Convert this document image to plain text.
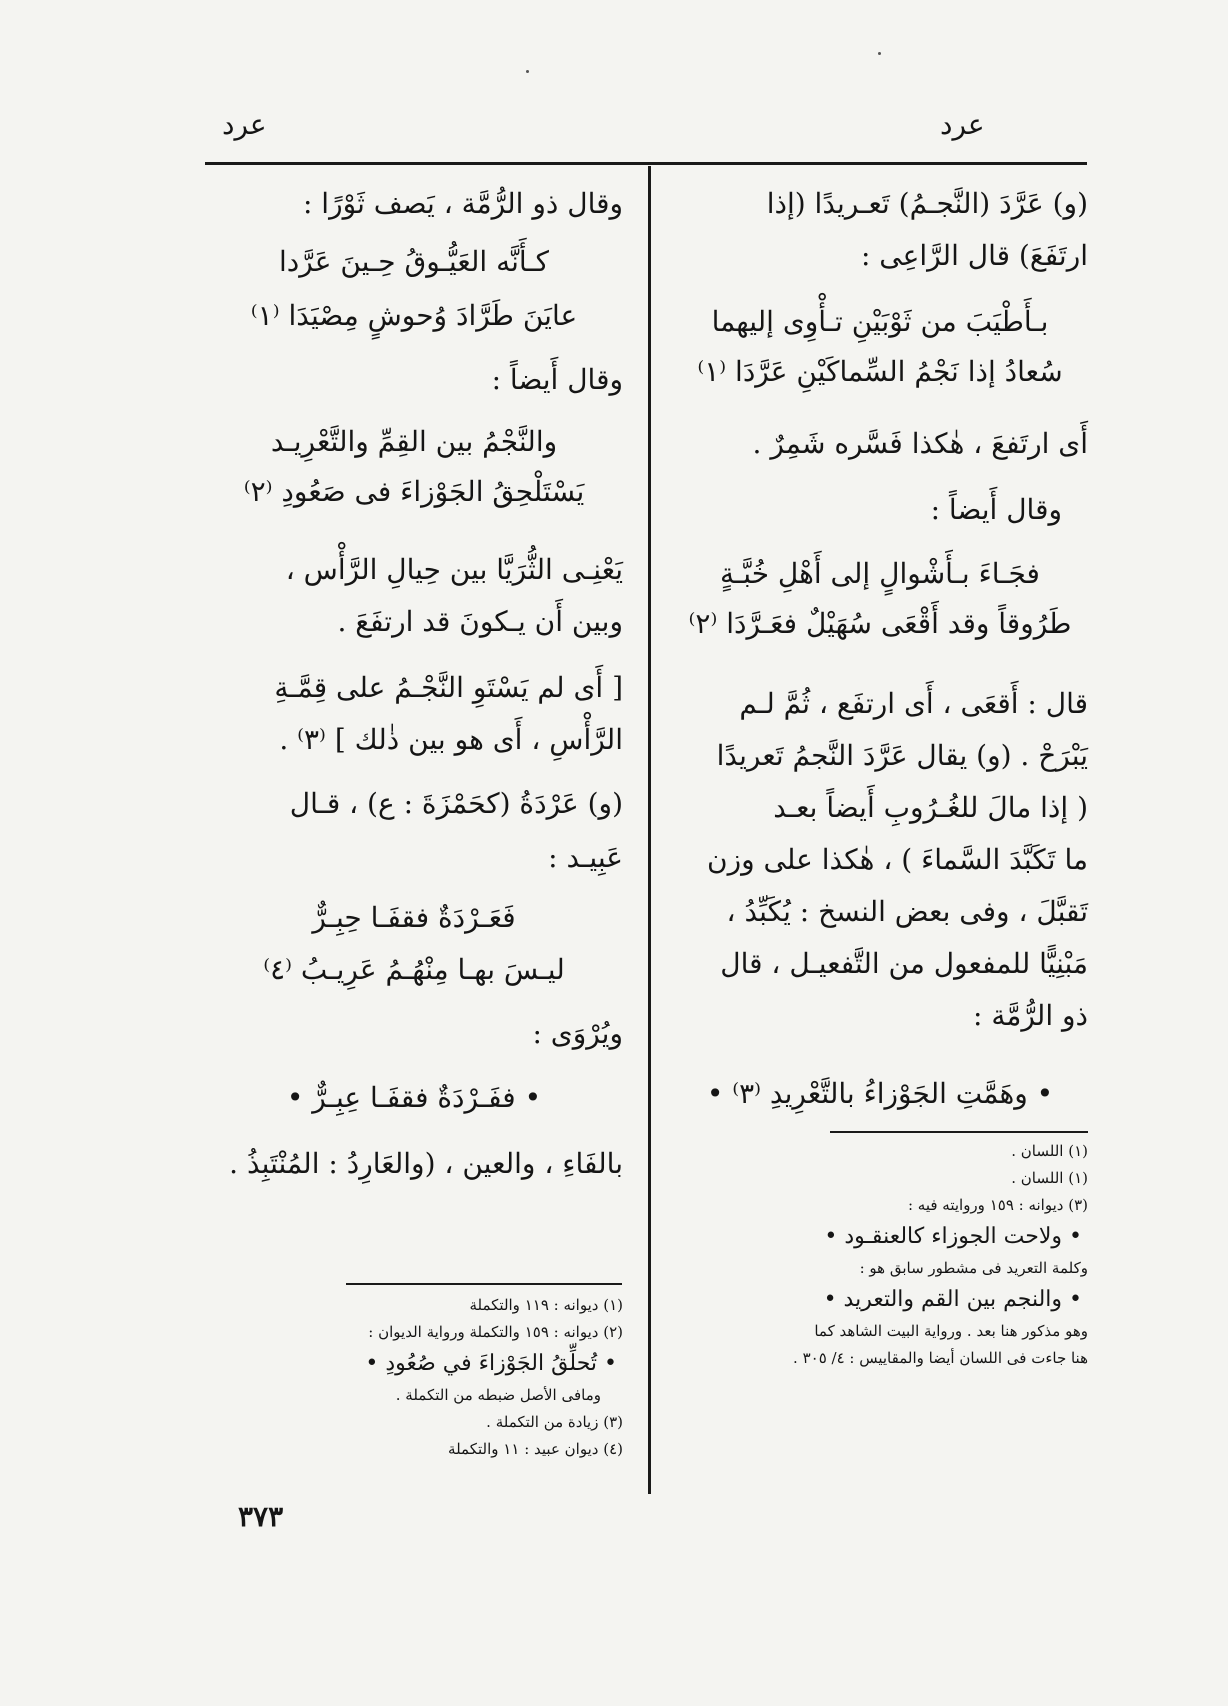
عرد
عرد
(و) عَرَّدَ (النَّجـمُ) تَعـريدًا (إذا
ارتَفَعَ) قال الرَّاعِى :
بـأَطْيَبَ من ثَوْبَيْنِ تـأْوِى إليهما
سُعادُ إذا نَجْمُ السِّماكَيْنِ عَرَّدَا ⁽١⁾
أَى ارتَفعَ ، هٰكذا فَسَّره شَمِرٌ .
وقال أَيضاً :
فجَـاءَ بـأَشْوالٍ إلى أَهْلِ خُبَّـةٍ
طَرُوقاً وقد أَقْعَى سُهَيْلٌ فعَـرَّدَا ⁽٢⁾
قال : أَقعَى ، أَى ارتفَع ، ثُمَّ لـم
يَبْرَحْ . (و) يقال عَرَّدَ النَّجمُ تَعريدًا
( إذا مالَ للغُـرُوبِ أَيضاً بعـد
ما تَكَبَّدَ السَّماءَ ) ، هٰكذا على وزن
تَقبَّلَ ، وفى بعض النسخ : يُكَبِّدُ ،
مَبْنِيًّا للمفعول من التَّفعيـل ، قال
ذو الرُّمَّة :
• وهَمَّتِ الجَوْزاءُ بالتَّعْرِيدِ ⁽٣⁾ •
(١) اللسان .
(١) اللسان .
(٣) ديوانه : ١٥٩ وروايته فيه :
• ولاحت الجوزاء كالعنقـود •
وكلمة التعريد فى مشطور سابق هو :
• والنجم بين القم والتعريد •
وهو مذكور هنا بعد . ورواية البيت الشاهد كما
هنا جاءت فى اللسان أيضا والمقاييس : ٤/ ٣٠٥ .
وقال ذو الرُّمَّة ، يَصف ثَوْرًا :
كـأَنَّه العَيُّـوقُ حِـينَ عَرَّدا
عايَنَ طَرَّادَ وُحوشٍ مِصْيَدَا ⁽١⁾
وقال أَيضاً :
والنَّجْمُ بين القِمِّ والتَّعْرِيـد
يَسْتَلْحِقُ الجَوْزاءَ فى صَعُودِ ⁽٢⁾
يَعْنِـى الثُّرَيَّا بين حِيالِ الرَّأْس ،
وبين أَن يـكونَ قد ارتفَعَ .
[ أَى لم يَسْتَوِ النَّجْـمُ على قِمَّـةِ
الرَّأْسِ ، أَى هو بين ذٰلك ] ⁽٣⁾ .
(و) عَرْدَةُ (كحَمْزَةَ : ع) ، قـال
عَبِيـد :
فَعَـرْدَةٌ فقفَـا حِبِـرٌّ
ليـسَ بهـا مِنْهُـمُ عَرِيـبُ ⁽٤⁾
ويُرْوَى :
• ففَـرْدَةٌ فقفَـا عِبِـرٌّ •
بالفَاءِ ، والعين ، (والعَارِدُ : المُنْتَبِذُ .
(١) ديوانه : ١١٩ والتكملة
(٢) ديوانه : ١٥٩ والتكملة ورواية الديوان :
• تُحلِّقُ الجَوْزاءَ في صُعُودِ •
ومافى الأصل ضبطه من التكملة .
(٣) زيادة من التكملة .
(٤) ديوان عبيد : ١١ والتكملة
٣٧٣
